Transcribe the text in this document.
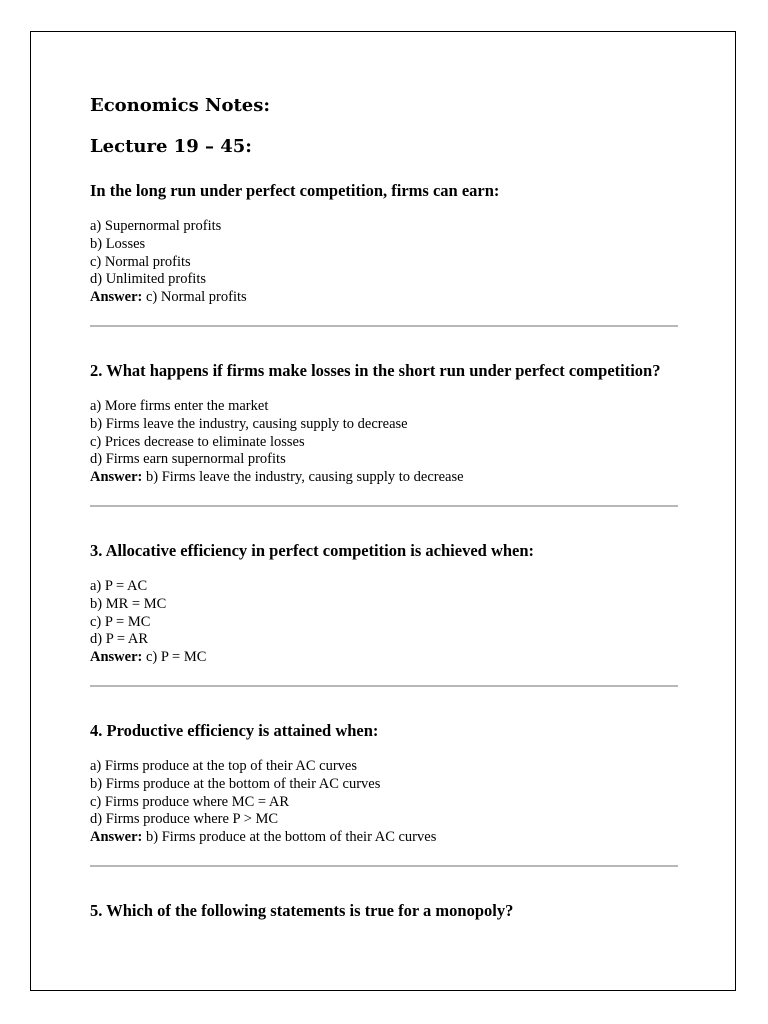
Economics Notes:
Lecture 19 – 45:
In the long run under perfect competition, firms can earn:
a) Supernormal profits
b) Losses
c) Normal profits
d) Unlimited profits
Answer: c) Normal profits
2. What happens if firms make losses in the short run under perfect competition?
a) More firms enter the market
b) Firms leave the industry, causing supply to decrease
c) Prices decrease to eliminate losses
d) Firms earn supernormal profits
Answer: b) Firms leave the industry, causing supply to decrease
3. Allocative efficiency in perfect competition is achieved when:
a) P = AC
b) MR = MC
c) P = MC
d) P = AR
Answer: c) P = MC
4. Productive efficiency is attained when:
a) Firms produce at the top of their AC curves
b) Firms produce at the bottom of their AC curves
c) Firms produce where MC = AR
d) Firms produce where P > MC
Answer: b) Firms produce at the bottom of their AC curves
5. Which of the following statements is true for a monopoly?
